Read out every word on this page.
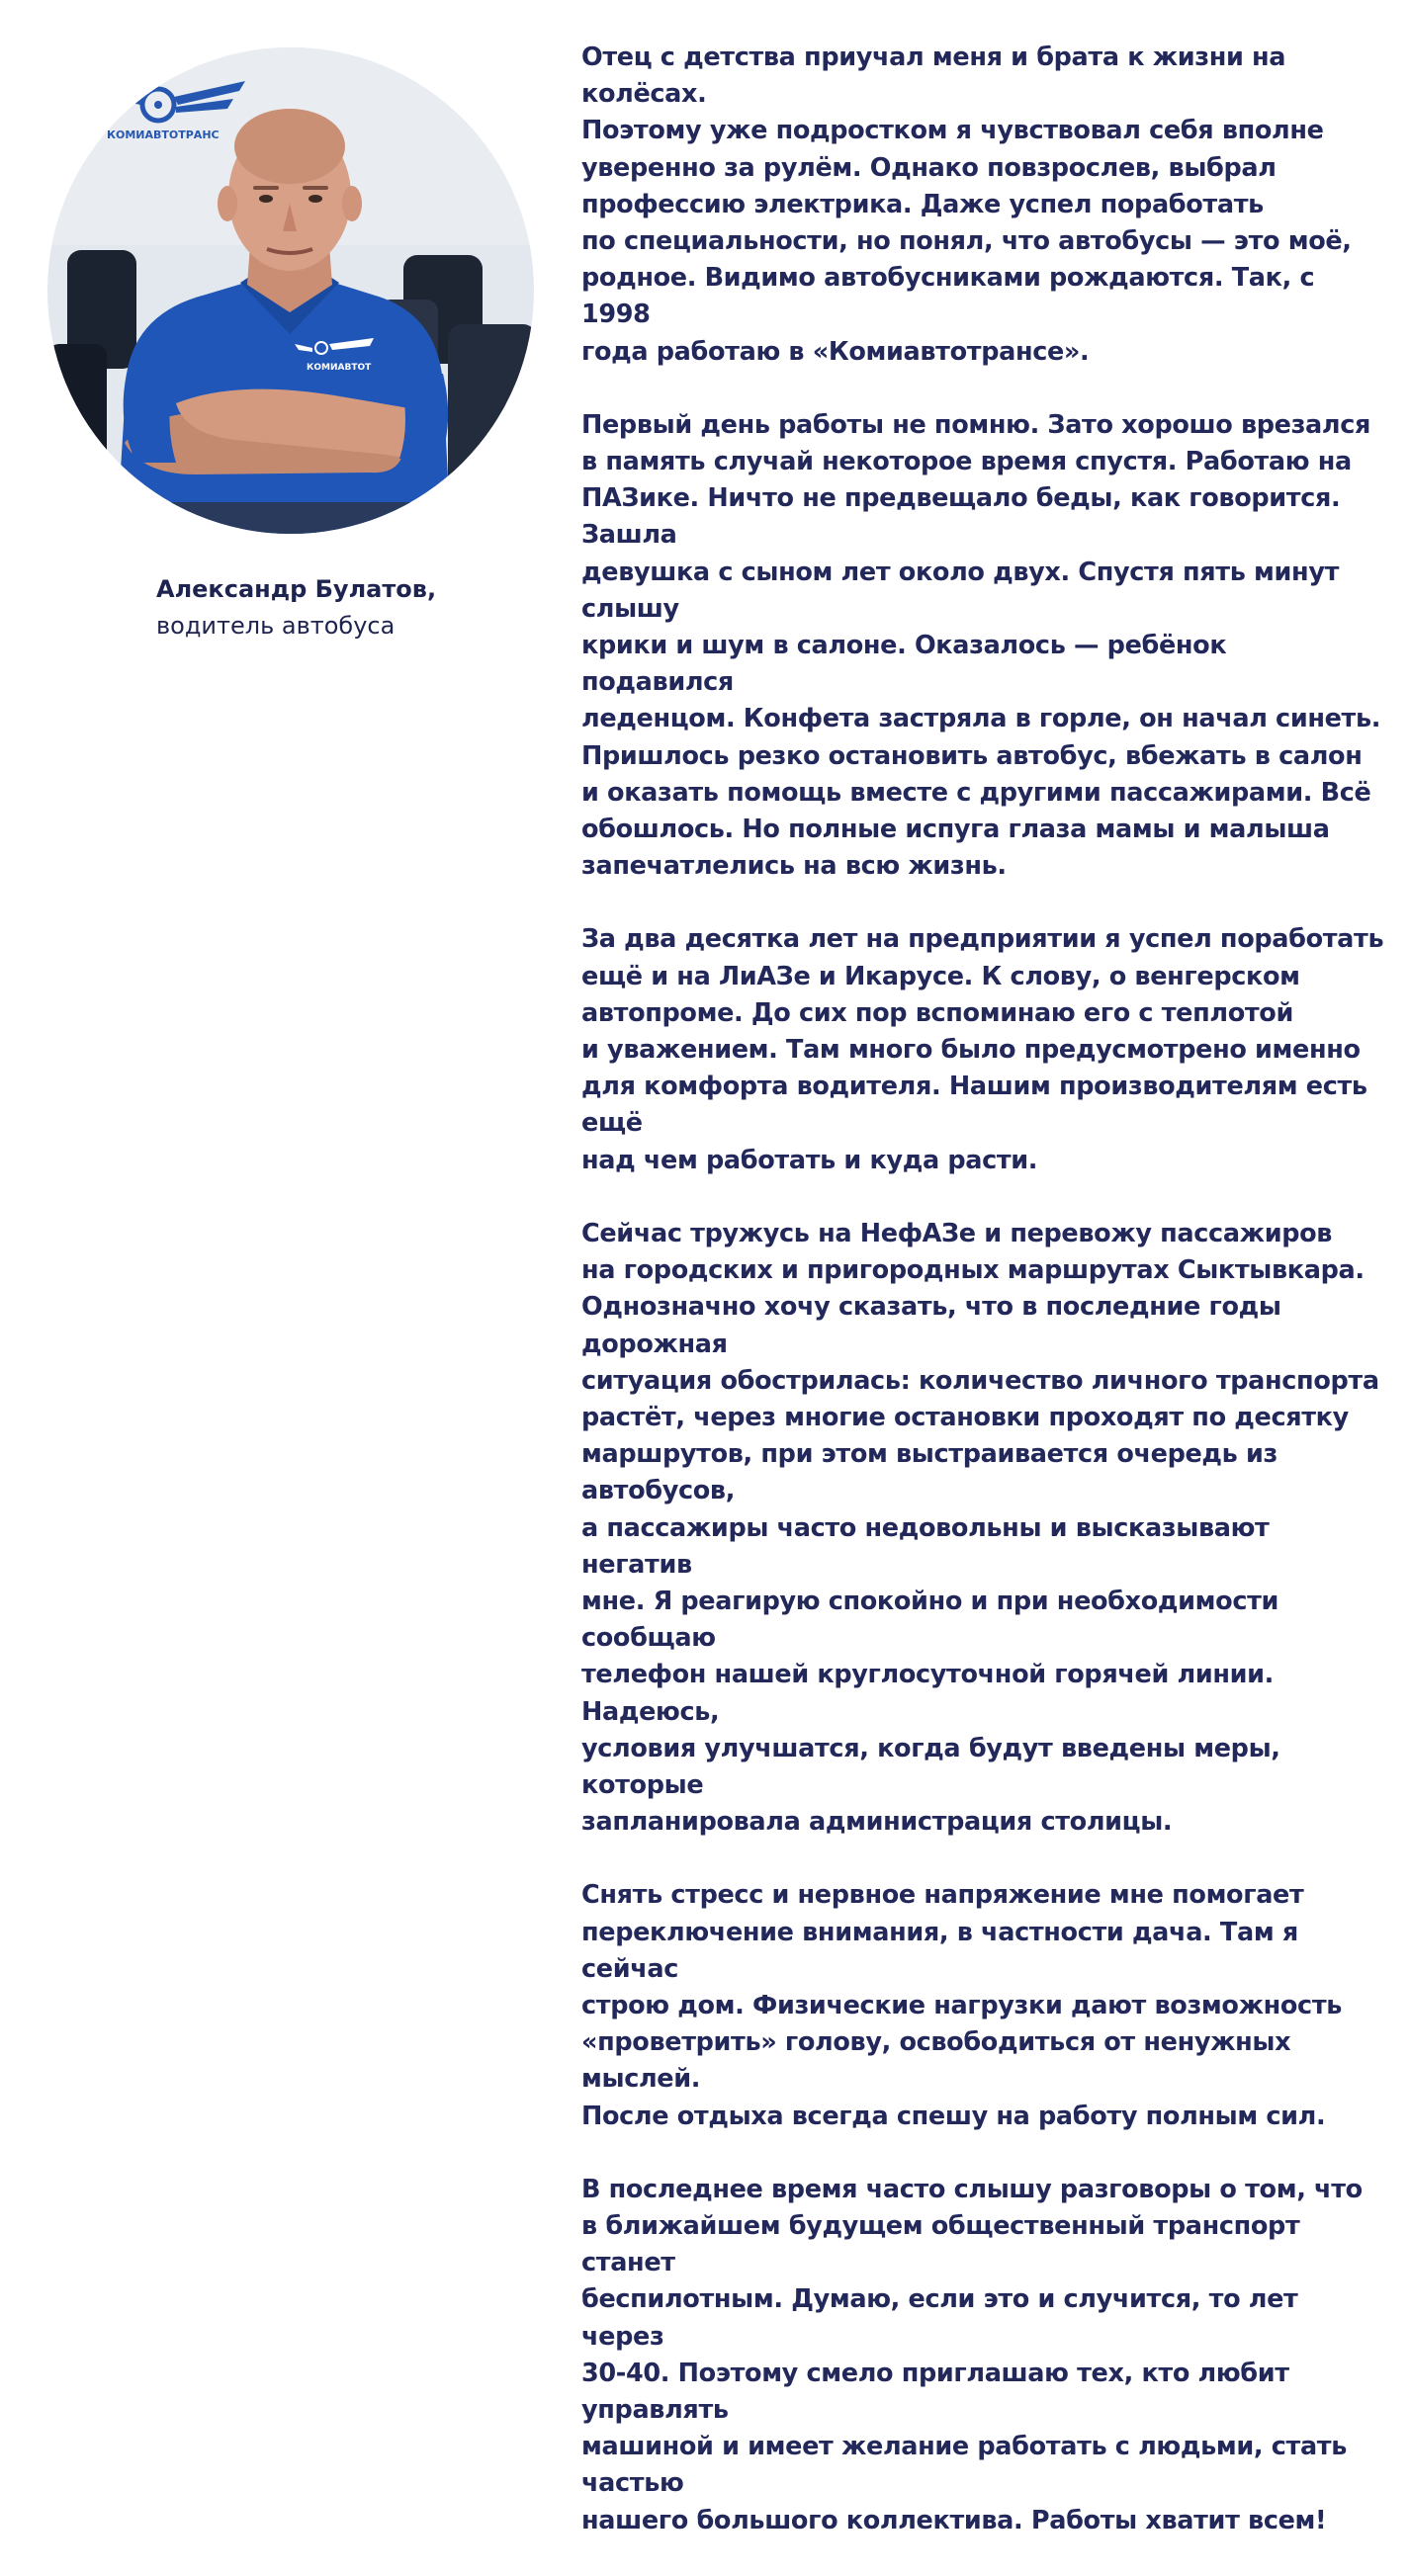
КОМИАВТОТРАНС
КОМИАВТОТ
Александр Булатов,
водитель автобуса

Отец с детства приучал меня и брата к жизни на колёсах.
Поэтому уже подростком я чувствовал себя вполне
уверенно за рулём. Однако повзрослев, выбрал
профессию электрика. Даже успел поработать
по специальности, но понял, что автобусы — это моё,
родное. Видимо автобусниками рождаются. Так, с 1998
года работаю в «Комиавтотрансе».

Первый день работы не помню. Зато хорошо врезался
в память случай некоторое время спустя. Работаю на
ПАЗике. Ничто не предвещало беды, как говорится. Зашла
девушка с сыном лет около двух. Спустя пять минут слышу
крики и шум в салоне. Оказалось — ребёнок подавился
леденцом. Конфета застряла в горле, он начал синеть.
Пришлось резко остановить автобус, вбежать в салон
и оказать помощь вместе с другими пассажирами. Всё
обошлось. Но полные испуга глаза мамы и малыша
запечатлелись на всю жизнь.

За два десятка лет на предприятии я успел поработать
ещё и на ЛиАЗе и Икарусе. К слову, о венгерском
автопроме. До сих пор вспоминаю его с теплотой
и уважением. Там много было предусмотрено именно
для комфорта водителя. Нашим производителям есть ещё
над чем работать и куда расти.

Сейчас тружусь на НефАЗе и перевожу пассажиров
на городских и пригородных маршрутах Сыктывкара.
Однозначно хочу сказать, что в последние годы дорожная
ситуация обострилась: количество личного транспорта
растёт, через многие остановки проходят по десятку
маршрутов, при этом выстраивается очередь из автобусов,
а пассажиры часто недовольны и высказывают негатив
мне. Я реагирую спокойно и при необходимости сообщаю
телефон нашей круглосуточной горячей линии. Надеюсь,
условия улучшатся, когда будут введены меры, которые
запланировала администрация столицы.

Снять стресс и нервное напряжение мне помогает
переключение внимания, в частности дача. Там я сейчас
строю дом. Физические нагрузки дают возможность
«проветрить» голову, освободиться от ненужных мыслей.
После отдыха всегда спешу на работу полным сил.

В последнее время часто слышу разговоры о том, что
в ближайшем будущем общественный транспорт станет
беспилотным. Думаю, если это и случится, то лет через
30-40. Поэтому смело приглашаю тех, кто любит управлять
машиной и имеет желание работать с людьми, стать частью
нашего большого коллектива. Работы хватит всем!
